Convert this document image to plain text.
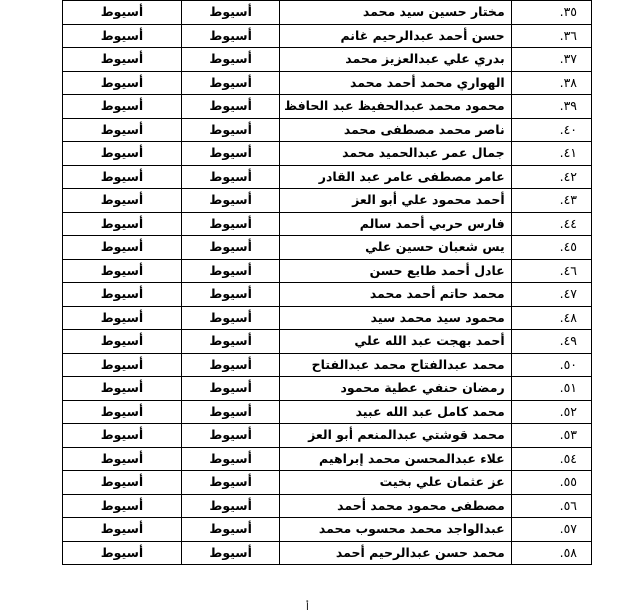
٣٥.	مختار حسين سيد محمد	أسيوط	أسيوط
٣٦.	حسن أحمد عبدالرحيم غانم	أسيوط	أسيوط
٣٧.	بدري علي عبدالعزيز محمد	أسيوط	أسيوط
٣٨.	الهواري محمد أحمد محمد	أسيوط	أسيوط
٣٩.	محمود محمد عبدالحفيظ عبد الحافظ	أسيوط	أسيوط
٤٠.	ناصر محمد مصطفى محمد	أسيوط	أسيوط
٤١.	جمال عمر عبدالحميد محمد	أسيوط	أسيوط
٤٢.	عامر مصطفى عامر عبد القادر	أسيوط	أسيوط
٤٣.	أحمد محمود علي أبو العز	أسيوط	أسيوط
٤٤.	فارس حربي أحمد سالم	أسيوط	أسيوط
٤٥.	يس شعبان حسين علي	أسيوط	أسيوط
٤٦.	عادل أحمد طايع حسن	أسيوط	أسيوط
٤٧.	محمد حاتم أحمد محمد	أسيوط	أسيوط
٤٨.	محمود سيد محمد سيد	أسيوط	أسيوط
٤٩.	أحمد بهجت عبد الله علي	أسيوط	أسيوط
٥٠.	محمد عبدالفتاح محمد عبدالفتاح	أسيوط	أسيوط
٥١.	رمضان حنفي عطية محمود	أسيوط	أسيوط
٥٢.	محمد كامل عبد الله عبيد	أسيوط	أسيوط
٥٣.	محمد قوشتي عبدالمنعم أبو العز	أسيوط	أسيوط
٥٤.	علاء عبدالمحسن محمد إبراهيم	أسيوط	أسيوط
٥٥.	عز عثمان علي بخيت	أسيوط	أسيوط
٥٦.	مصطفى محمود محمد أحمد	أسيوط	أسيوط
٥٧.	عبدالواجد محمد محسوب محمد	أسيوط	أسيوط
٥٨.	محمد حسن عبدالرحيم أحمد	أسيوط	أسيوط
أ
